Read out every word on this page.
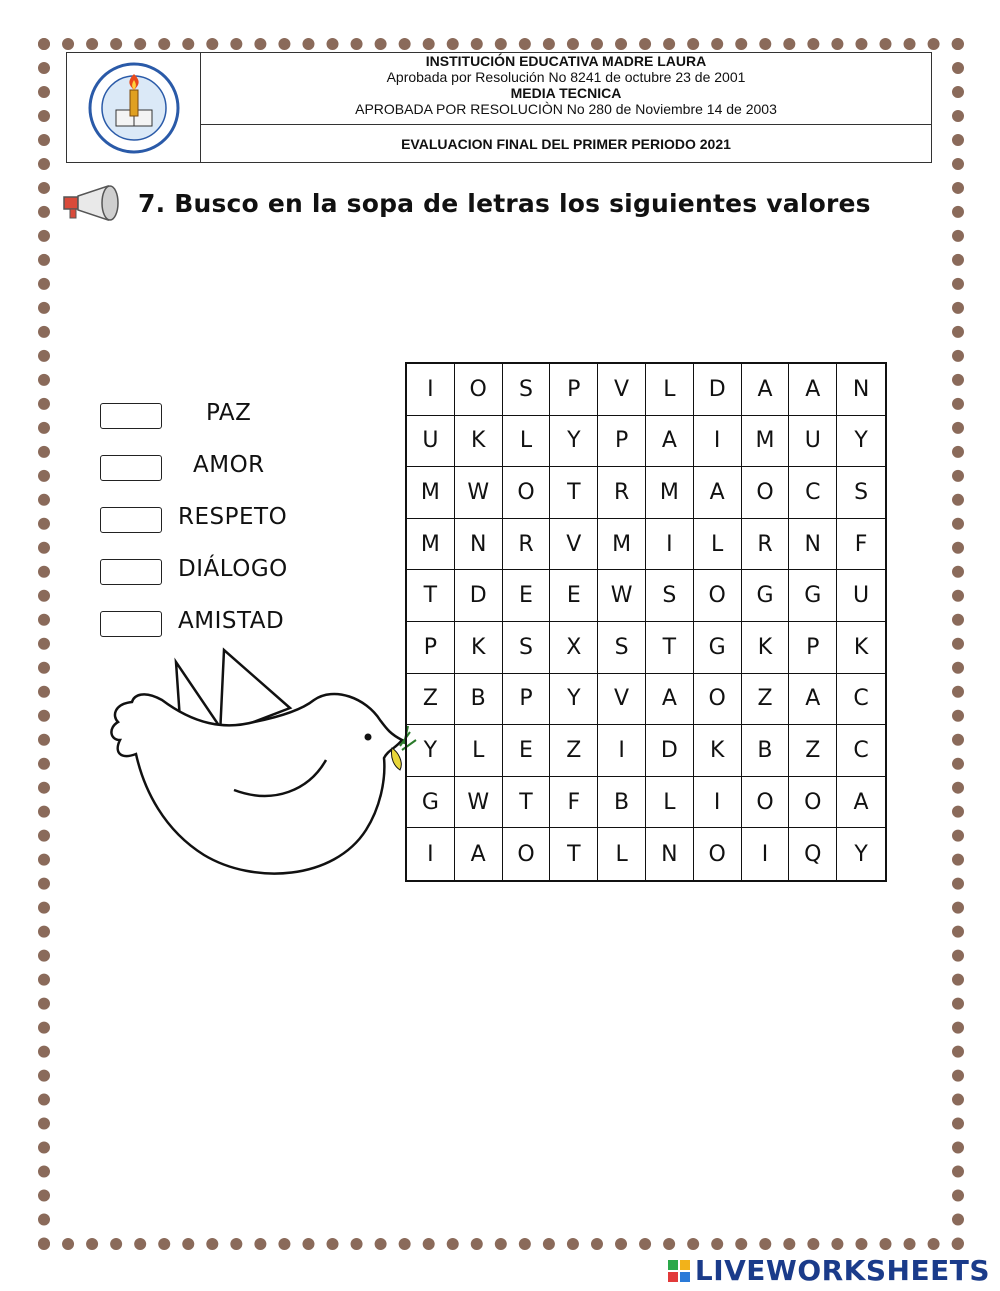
INSTITUCIÓN EDUCATIVA MADRE LAURA
Aprobada por Resolución No 8241 de octubre 23 de 2001
MEDIA TECNICA
APROBADA POR RESOLUCIÒN No 280 de Noviembre 14 de 2003
EVALUACION FINAL DEL PRIMER PERIODO 2021
7. Busco en la sopa de letras los siguientes valores
PAZ
AMOR
RESPETO
DIÁLOGO
AMISTAD
I	O	S	P	V	L	D	A	A	N
U	K	L	Y	P	A	I	M	U	Y
M	W	O	T	R	M	A	O	C	S
M	N	R	V	M	I	L	R	N	F
T	D	E	E	W	S	O	G	G	U
P	K	S	X	S	T	G	K	P	K
Z	B	P	Y	V	A	O	Z	A	C
Y	L	E	Z	I	D	K	B	Z	C
G	W	T	F	B	L	I	O	O	A
I	A	O	T	L	N	O	I	Q	Y
LIVEWORKSHEETS
